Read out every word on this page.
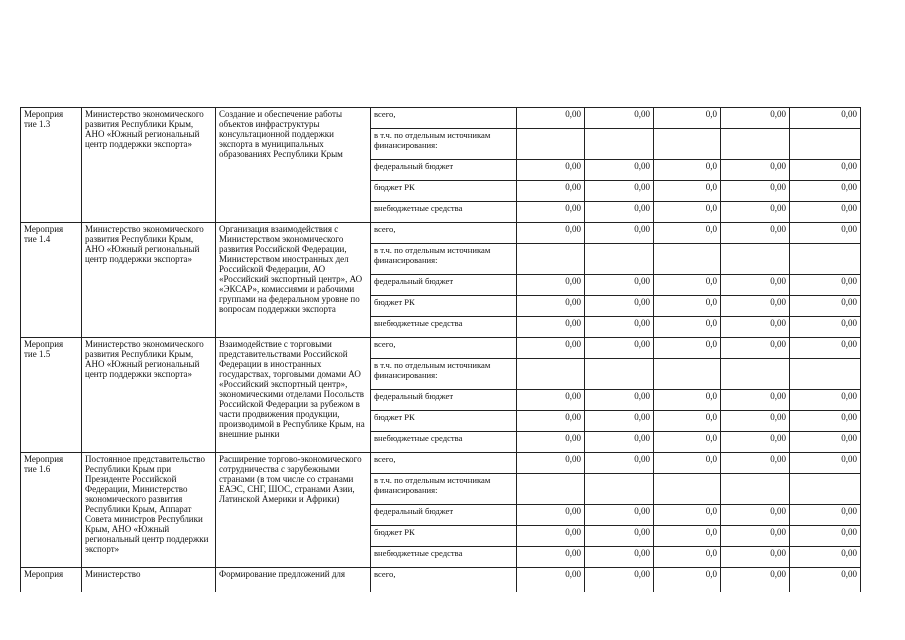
Мероприя тие 1.3	Министерство экономического развития Республики Крым, АНО «Южный региональный центр поддержки экспорта»	Создание и обеспечение работы объектов инфраструктуры консультационной поддержки экспорта в муниципальных образованиях Республики Крым	всего,	0,00	0,00	0,0	0,00	0,00
			в т.ч. по отдельным источникам финансирования:					
			федеральный бюджет	0,00	0,00	0,0	0,00	0,00
			бюджет РК	0,00	0,00	0,0	0,00	0,00
			внебюджетные средства	0,00	0,00	0,0	0,00	0,00
Мероприя тие 1.4	Министерство экономического развития Республики Крым, АНО «Южный региональный центр поддержки экспорта»	Организация взаимодействия с Министерством экономического развития Российской Федерации, Министерством иностранных дел Российской Федерации, АО «Российский экспортный центр», АО «ЭКСАР», комиссиями и рабочими группами на федеральном уровне по вопросам поддержки экспорта	всего,	0,00	0,00	0,0	0,00	0,00
			в т.ч. по отдельным источникам финансирования:					
			федеральный бюджет	0,00	0,00	0,0	0,00	0,00
			бюджет РК	0,00	0,00	0,0	0,00	0,00
			внебюджетные средства	0,00	0,00	0,0	0,00	0,00
Мероприя тие 1.5	Министерство экономического развития Республики Крым, АНО «Южный региональный центр поддержки экспорта»	Взаимодействие с торговыми представительствами Российской Федерации в иностранных государствах, торговыми домами АО «Российский экспортный центр», экономическими отделами Посольств Российской Федерации за рубежом в части продвижения продукции, производимой в Республике Крым, на внешние рынки	всего,	0,00	0,00	0,0	0,00	0,00
			в т.ч. по отдельным источникам финансирования:					
			федеральный бюджет	0,00	0,00	0,0	0,00	0,00
			бюджет РК	0,00	0,00	0,0	0,00	0,00
			внебюджетные средства	0,00	0,00	0,0	0,00	0,00
Мероприя тие 1.6	Постоянное представительство Республики Крым при Президенте Российской Федерации, Министерство экономического развития Республики Крым, Аппарат Совета министров Республики Крым, АНО «Южный региональный центр поддержки экспорт»	Расширение торгово-экономического сотрудничества с зарубежными странами (в том числе со странами ЕАЭС, СНГ, ШОС, странами Азии, Латинской Америки и Африки)	всего,	0,00	0,00	0,0	0,00	0,00
			в т.ч. по отдельным источникам финансирования:					
			федеральный бюджет	0,00	0,00	0,0	0,00	0,00
			бюджет РК	0,00	0,00	0,0	0,00	0,00
			внебюджетные средства	0,00	0,00	0,0	0,00	0,00
Мероприя	Министерство	Формирование предложений для	всего,	0,00	0,00	0,0	0,00	0,00
